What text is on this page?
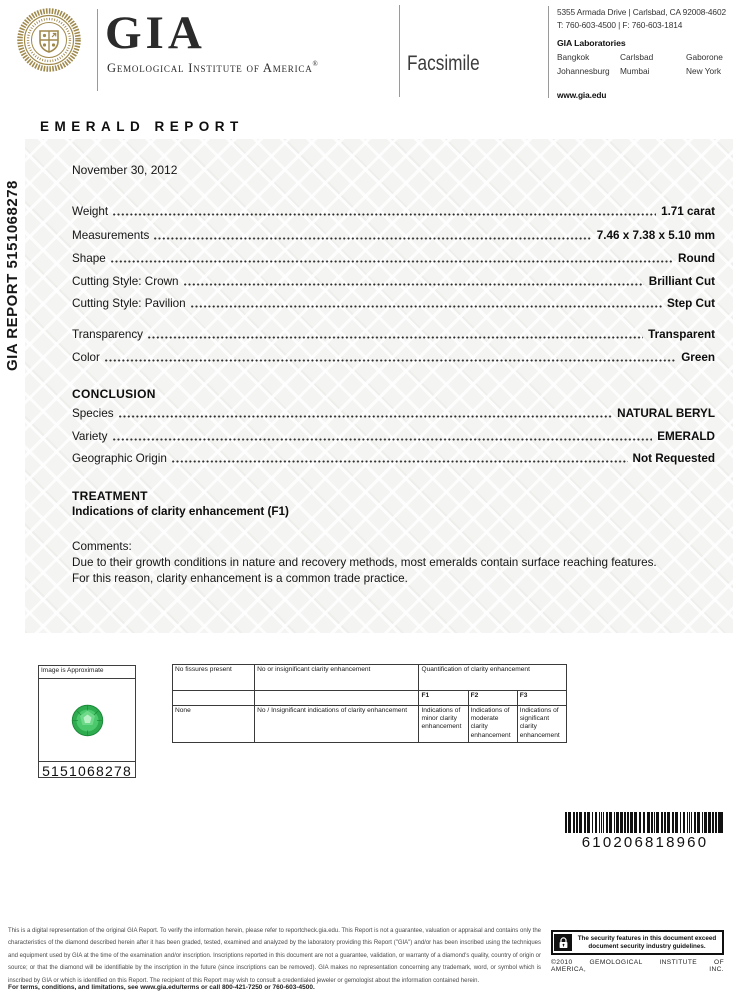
GIA
Gemological Institute of America®	Facsimile
5355 Armada Drive | Carlsbad, CA 92008-4602
T: 760-603-4500 | F: 760-603-1814
GIA Laboratories
Bangkok	Carlsbad	Gaborone
Johannesburg	Mumbai	New York
www.gia.edu
EMERALD REPORT
GIA REPORT 5151068278
November 30, 2012
Weight	1.71 carat
Measurements	7.46 x 7.38 x 5.10 mm
Shape	Round
Cutting Style: Crown	Brilliant Cut
Cutting Style: Pavilion	Step Cut
Transparency	Transparent
Color	Green
CONCLUSION
Species	NATURAL BERYL
Variety	EMERALD
Geographic Origin	Not Requested
TREATMENT
Indications of clarity enhancement (F1)
Comments:
Due to their growth conditions in nature and recovery methods, most emeralds contain surface reaching features.
For this reason, clarity enhancement is a common trade practice.
Image is Approximate
5151068278
No fissures present	No or insignificant clarity enhancement	Quantification of clarity enhancement		
		F1	F2	F3
None	No / Insignificant indications of clarity enhancement	Indications of minor clarity enhancement	Indications of moderate clarity enhancement	Indications of significant clarity enhancement
610206818960
This is a digital representation of the original GIA Report. To verify the information herein, please refer to reportcheck.gia.edu. This Report is not a guarantee, valuation or appraisal and contains only the characteristics of the diamond described herein after it has been graded, tested, examined and analyzed by the laboratory providing this Report ("GIA") and/or has been inscribed using the techniques and equipment used by GIA at the time of the examination and/or inscription. Inscriptions reported in this document are not a guarantee, validation, or warranty of a diamond's quality, country of origin or source; or that the diamond will be identifiable by the inscription in the future (since inscriptions can be removed). GIA makes no representation concerning any trademark, word, or symbol which is inscribed by GIA or which is identified on this Report. The recipient of this Report may wish to consult a credentialed jeweler or gemologist about the information contained herein.
For terms, conditions, and limitations, see www.gia.edu/terms or call 800-421-7250 or 760-603-4500.
The security features in this document exceed document security industry guidelines.
©2010 GEMOLOGICAL INSTITUTE OF AMERICA, INC.
